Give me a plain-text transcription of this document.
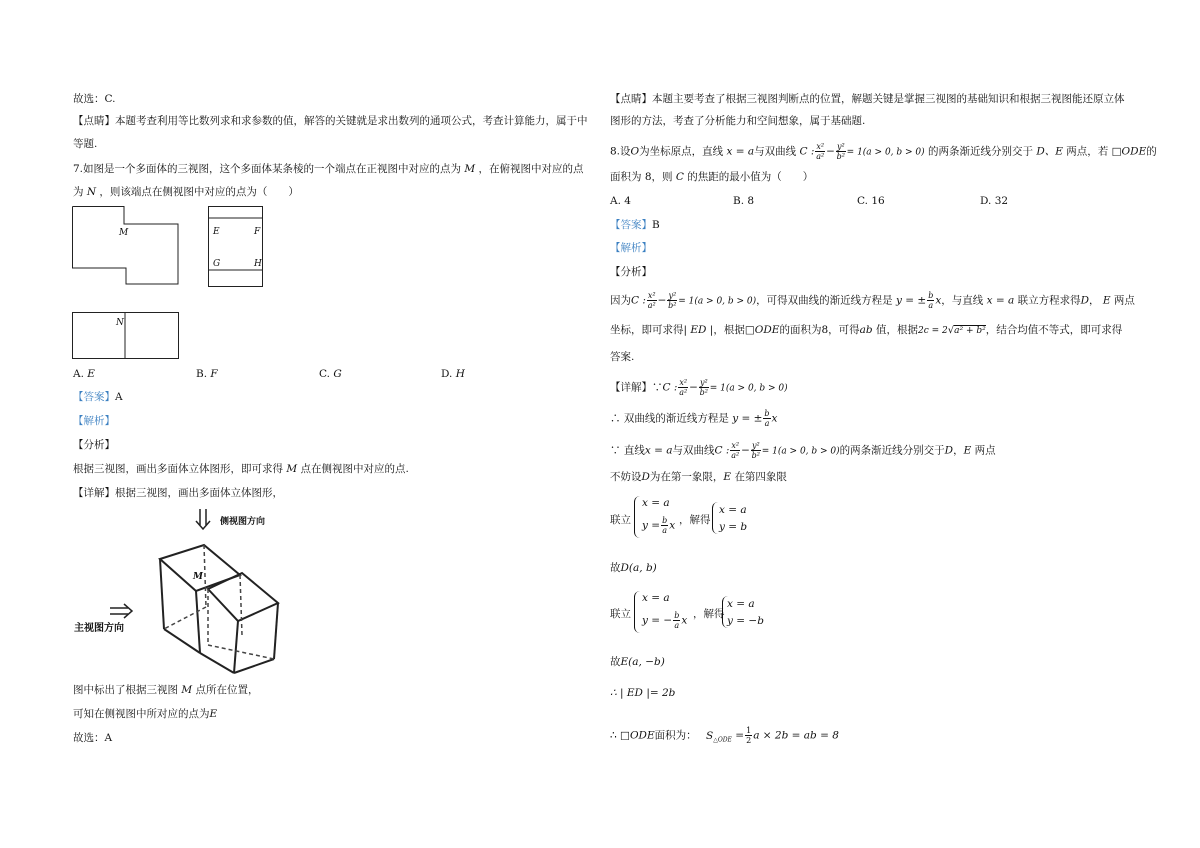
故选：C.
【点睛】本题考查利用等比数列求和求参数的值，解答的关键就是求出数列的通项公式，考查计算能力，属于中
等题.
7.如图是一个多面体的三视图，这个多面体某条棱的一个端点在正视图中对应的点为 M ，在俯视图中对应的点
为 N ，则该端点在侧视图中对应的点为（　　）
M	E	F
G	H
N
A. E	B. F	C. G	D. H
【答案】A
【解析】
【分析】
根据三视图，画出多面体立体图形，即可求得 M 点在侧视图中对应的点.
【详解】根据三视图，画出多面体立体图形，
侧视图方向
主视图方向
M
图中标出了根据三视图 M 点所在位置，
可知在侧视图中所对应的点为E
故选：A
【点睛】本题主要考查了根据三视图判断点的位置，解题关键是掌握三视图的基础知识和根据三视图能还原立体
图形的方法，考查了分析能力和空间想象，属于基础题.
8.设O为坐标原点，直线 x = a与双曲线 C : $\frac{\text{x²}}{\text{a²}} - \frac{\text{y²}}{\text{b²}} = 1(a > 0$, b > 0) 的两条渐近线分别交于 D、E 两点，若 □ODE的
面积为 8，则 C 的焦距的最小值为（　　）
A. 4	B. 8	C. 16	D. 32
【答案】B
【解析】
【分析】
因为C : $\frac{\text{x²}}{\text{a²}} - \frac{\text{y²}}{\text{b²}} = 1(a > 0$, b > 0)，可得双曲线的渐近线方程是 y = ± $\frac{b}{a}$ x，与直线 x = a 联立方程求得D， E 两点
坐标，即可求得| ED |，根据□ODE的面积为8，可得ab 值，根据2c = 2√a² + b²，结合均值不等式，即可求得
答案.
【详解】∵C : $\frac{\text{x²}}{\text{a²}} - \frac{\text{y²}}{\text{b²}} = 1(a > 0$, b > 0)
∴ 双曲线的渐近线方程是 y = ± $\frac{b}{a}$ x
∵ 直线x = a与双曲线C : $\frac{\text{x²}}{\text{a²}} - \frac{\text{y²}}{\text{b²}} = 1(a > 0$, b > 0)的两条渐近线分别交于D，E 两点
不妨设D为在第一象限，E 在第四象限
联立
x = a
$y = \frac{b}{a}$ x ，解得
x = a
y = b
故D(a, b)
联立
x = a
y = − $\frac{b}{a}$ x
，解得
x = a
y = −b
故E(a, −b)
∴ | ED |= 2b
∴ □ODE面积为： $S_{\triangle ODE} = \frac{1}{2}$ a × 2b = ab = 8
